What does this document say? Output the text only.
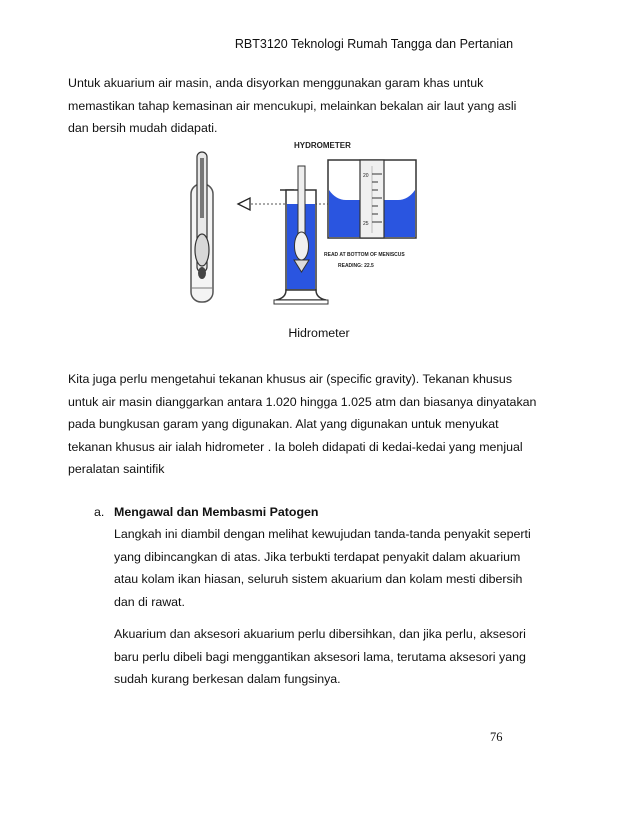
RBT3120 Teknologi Rumah Tangga dan Pertanian
Untuk akuarium air masin, anda disyorkan menggunakan garam khas untuk memastikan tahap kemasinan air mencukupi, melainkan bekalan air laut yang asli dan bersih mudah didapati.
HYDROMETER
20
25
READ AT BOTTOM OF MENISCUS
READING: 22.5
Hidrometer
Kita juga perlu mengetahui tekanan khusus air (specific gravity). Tekanan khusus untuk air masin dianggarkan antara 1.020 hingga 1.025 atm dan biasanya dinyatakan pada bungkusan garam yang digunakan. Alat yang digunakan untuk menyukat tekanan khusus air ialah hidrometer . Ia boleh didapati di kedai-kedai yang menjual peralatan saintifik
a. Mengawal dan Membasmi Patogen
Langkah ini diambil dengan melihat kewujudan tanda-tanda penyakit seperti yang dibincangkan di atas. Jika terbukti terdapat penyakit dalam akuarium atau kolam ikan hiasan, seluruh sistem akuarium dan kolam mesti dibersih dan di rawat.
Akuarium dan aksesori akuarium perlu dibersihkan, dan jika perlu, aksesori baru perlu dibeli bagi menggantikan aksesori lama, terutama aksesori yang sudah kurang berkesan dalam fungsinya.
76
